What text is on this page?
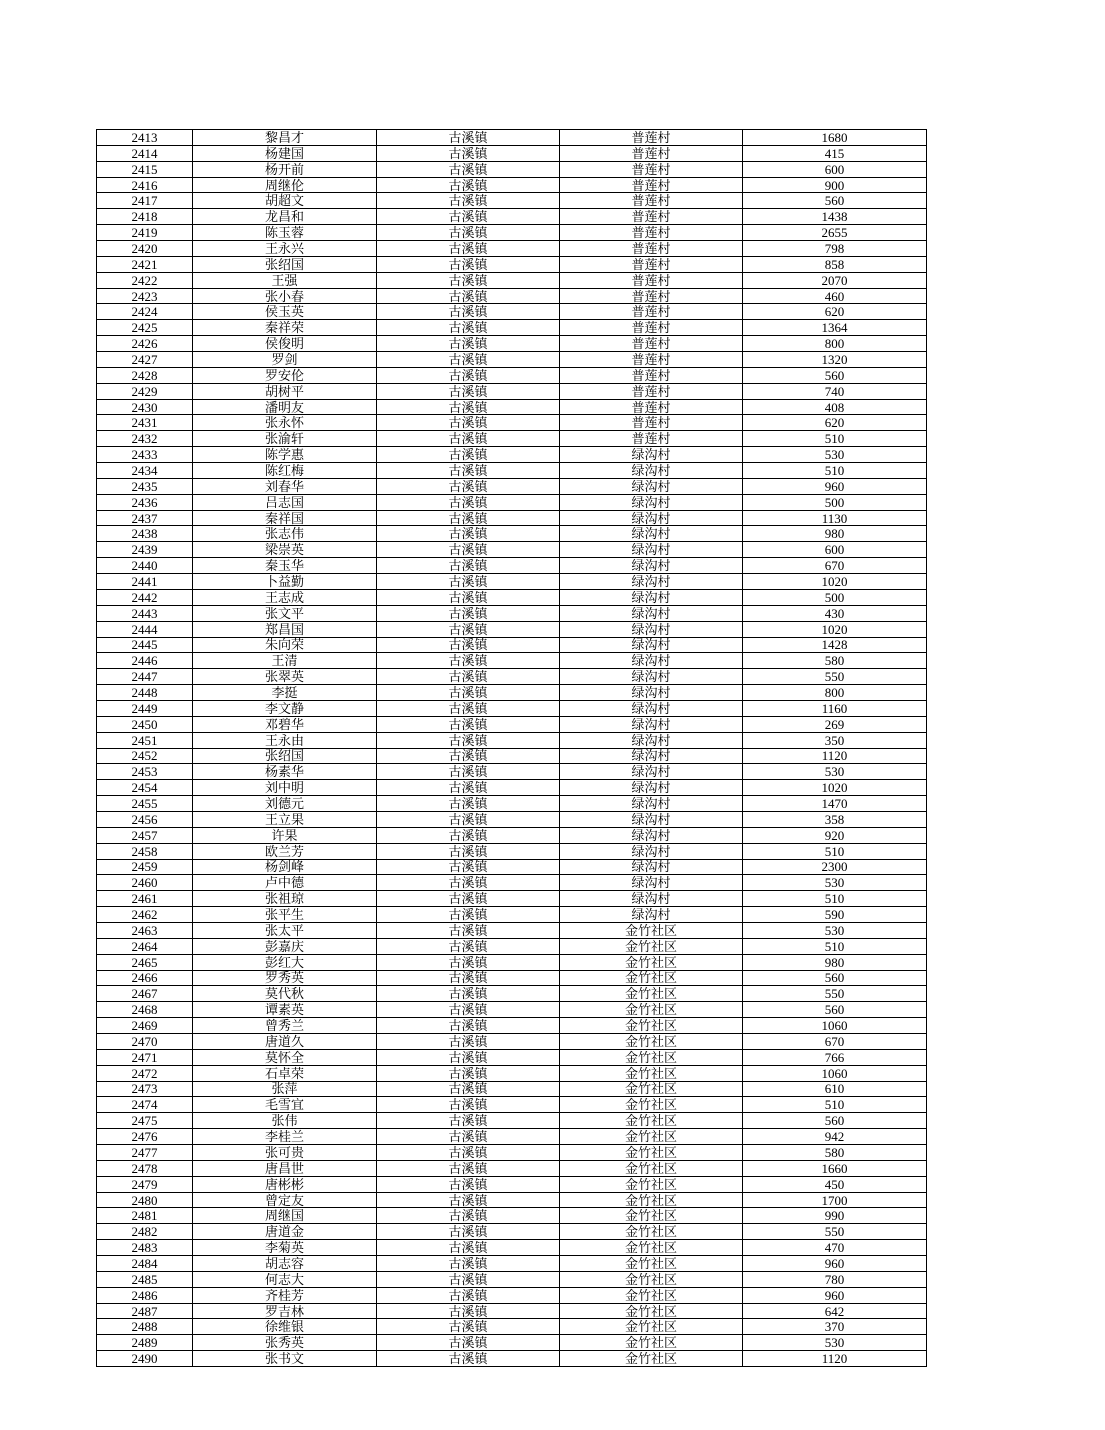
2413	黎昌才	古溪镇	普莲村	1680
2414	杨建国	古溪镇	普莲村	415
2415	杨开前	古溪镇	普莲村	600
2416	周继伦	古溪镇	普莲村	900
2417	胡超文	古溪镇	普莲村	560
2418	龙昌和	古溪镇	普莲村	1438
2419	陈玉蓉	古溪镇	普莲村	2655
2420	王永兴	古溪镇	普莲村	798
2421	张绍国	古溪镇	普莲村	858
2422	王强	古溪镇	普莲村	2070
2423	张小春	古溪镇	普莲村	460
2424	侯玉英	古溪镇	普莲村	620
2425	秦祥荣	古溪镇	普莲村	1364
2426	侯俊明	古溪镇	普莲村	800
2427	罗剑	古溪镇	普莲村	1320
2428	罗安伦	古溪镇	普莲村	560
2429	胡树平	古溪镇	普莲村	740
2430	潘明友	古溪镇	普莲村	408
2431	张永怀	古溪镇	普莲村	620
2432	张渝轩	古溪镇	普莲村	510
2433	陈学惠	古溪镇	绿沟村	530
2434	陈红梅	古溪镇	绿沟村	510
2435	刘春华	古溪镇	绿沟村	960
2436	吕志国	古溪镇	绿沟村	500
2437	秦祥国	古溪镇	绿沟村	1130
2438	张志伟	古溪镇	绿沟村	980
2439	梁崇英	古溪镇	绿沟村	600
2440	秦玉华	古溪镇	绿沟村	670
2441	卜益勤	古溪镇	绿沟村	1020
2442	王志成	古溪镇	绿沟村	500
2443	张文平	古溪镇	绿沟村	430
2444	郑昌国	古溪镇	绿沟村	1020
2445	朱向荣	古溪镇	绿沟村	1428
2446	王清	古溪镇	绿沟村	580
2447	张翠英	古溪镇	绿沟村	550
2448	李挺	古溪镇	绿沟村	800
2449	李文静	古溪镇	绿沟村	1160
2450	邓碧华	古溪镇	绿沟村	269
2451	王永由	古溪镇	绿沟村	350
2452	张绍国	古溪镇	绿沟村	1120
2453	杨素华	古溪镇	绿沟村	530
2454	刘中明	古溪镇	绿沟村	1020
2455	刘德元	古溪镇	绿沟村	1470
2456	王立果	古溪镇	绿沟村	358
2457	许果	古溪镇	绿沟村	920
2458	欧兰芳	古溪镇	绿沟村	510
2459	杨剑峰	古溪镇	绿沟村	2300
2460	卢中德	古溪镇	绿沟村	530
2461	张祖琼	古溪镇	绿沟村	510
2462	张平生	古溪镇	绿沟村	590
2463	张太平	古溪镇	金竹社区	530
2464	彭嘉庆	古溪镇	金竹社区	510
2465	彭红大	古溪镇	金竹社区	980
2466	罗秀英	古溪镇	金竹社区	560
2467	莫代秋	古溪镇	金竹社区	550
2468	谭素英	古溪镇	金竹社区	560
2469	曾秀兰	古溪镇	金竹社区	1060
2470	唐道久	古溪镇	金竹社区	670
2471	莫怀全	古溪镇	金竹社区	766
2472	石卓荣	古溪镇	金竹社区	1060
2473	张萍	古溪镇	金竹社区	610
2474	毛雪宜	古溪镇	金竹社区	510
2475	张伟	古溪镇	金竹社区	560
2476	李桂兰	古溪镇	金竹社区	942
2477	张可贵	古溪镇	金竹社区	580
2478	唐昌世	古溪镇	金竹社区	1660
2479	唐彬彬	古溪镇	金竹社区	450
2480	曾定友	古溪镇	金竹社区	1700
2481	周继国	古溪镇	金竹社区	990
2482	唐道金	古溪镇	金竹社区	550
2483	李菊英	古溪镇	金竹社区	470
2484	胡志容	古溪镇	金竹社区	960
2485	何志大	古溪镇	金竹社区	780
2486	齐桂芳	古溪镇	金竹社区	960
2487	罗吉林	古溪镇	金竹社区	642
2488	徐维银	古溪镇	金竹社区	370
2489	张秀英	古溪镇	金竹社区	530
2490	张书文	古溪镇	金竹社区	1120
